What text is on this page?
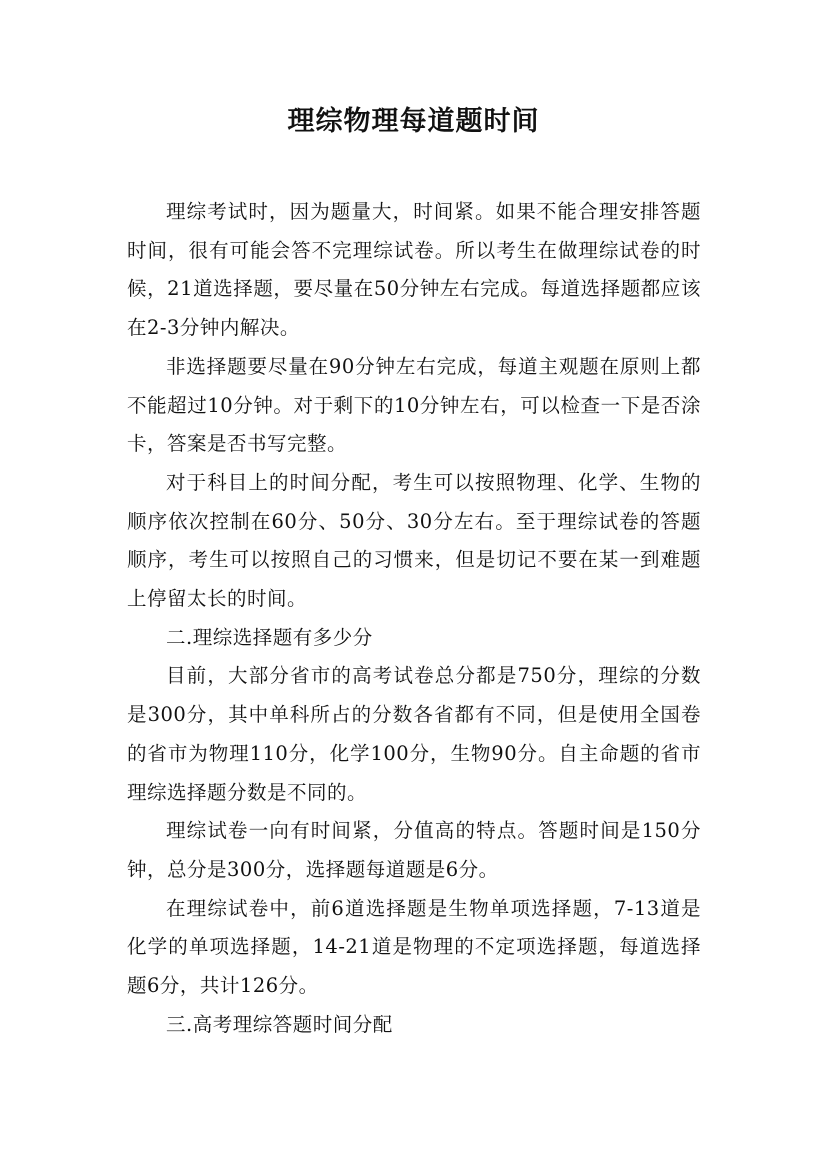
理综物理每道题时间

理综考试时，因为题量大，时间紧。如果不能合理安排答题时间，很有可能会答不完理综试卷。所以考生在做理综试卷的时候，21道选择题，要尽量在50分钟左右完成。每道选择题都应该在2-3分钟内解决。

非选择题要尽量在90分钟左右完成，每道主观题在原则上都不能超过10分钟。对于剩下的10分钟左右，可以检查一下是否涂卡，答案是否书写完整。

对于科目上的时间分配，考生可以按照物理、化学、生物的顺序依次控制在60分、50分、30分左右。至于理综试卷的答题顺序，考生可以按照自己的习惯来，但是切记不要在某一到难题上停留太长的时间。

二.理综选择题有多少分

目前，大部分省市的高考试卷总分都是750分，理综的分数是300分，其中单科所占的分数各省都有不同，但是使用全国卷的省市为物理110分，化学100分，生物90分。自主命题的省市理综选择题分数是不同的。

理综试卷一向有时间紧，分值高的特点。答题时间是150分钟，总分是300分，选择题每道题是6分。

在理综试卷中，前6道选择题是生物单项选择题，7-13道是化学的单项选择题，14-21道是物理的不定项选择题，每道选择题6分，共计126分。

三.高考理综答题时间分配
